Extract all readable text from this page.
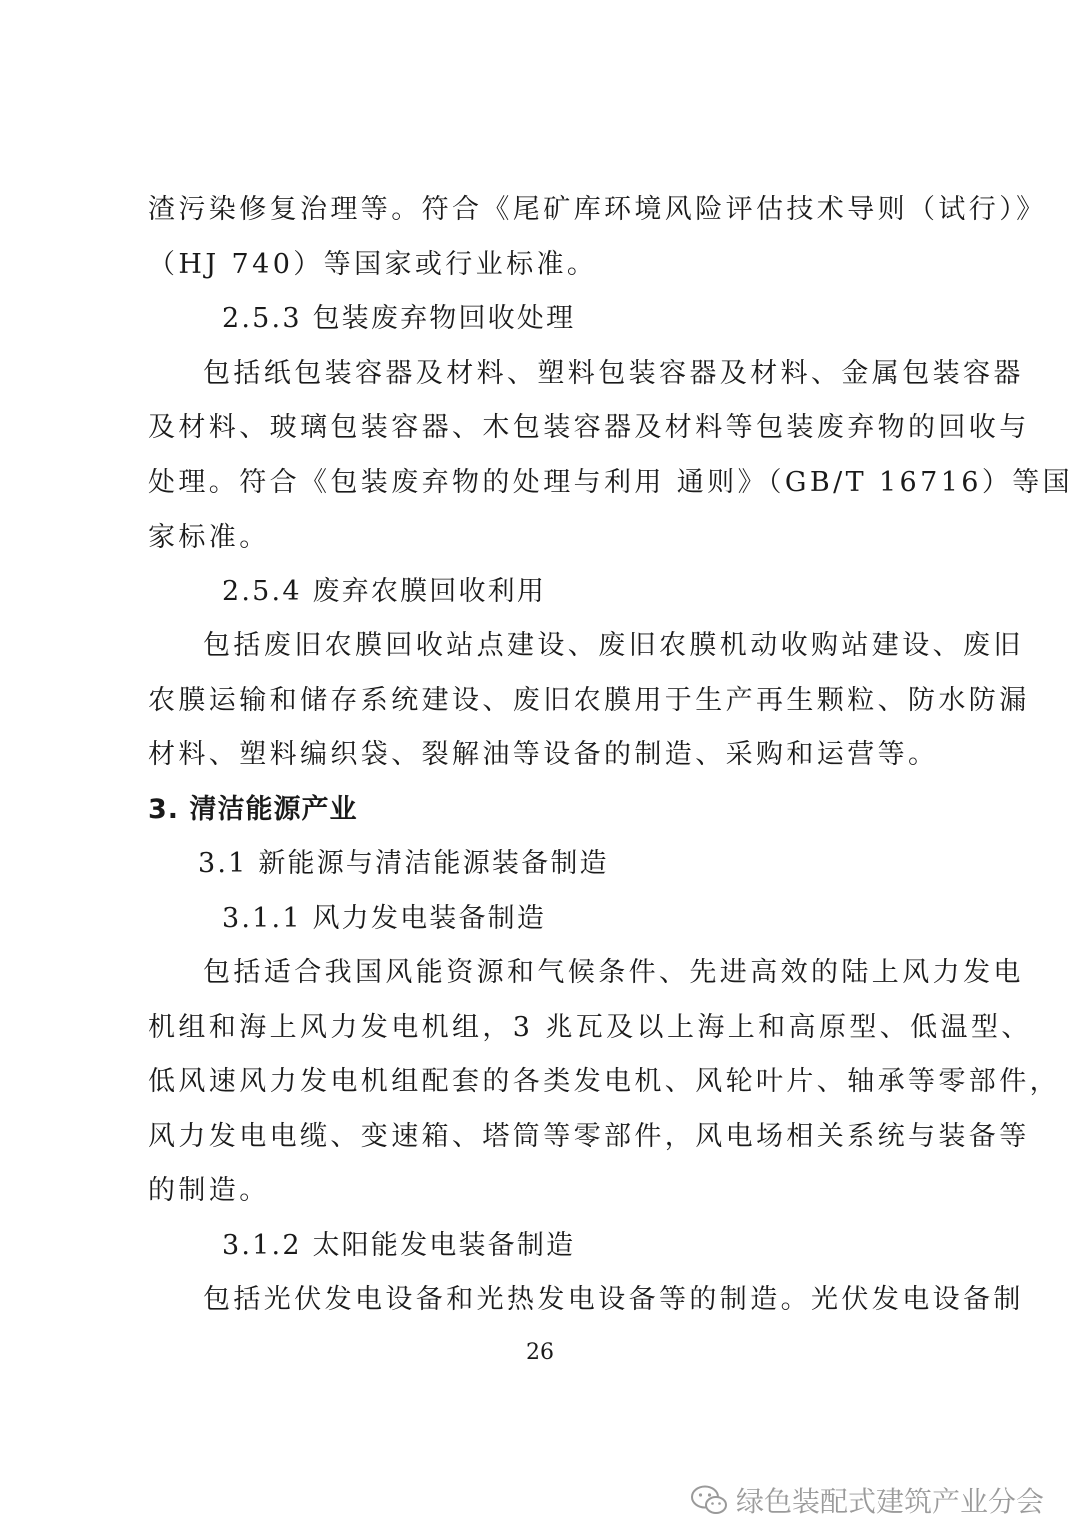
渣污染修复治理等。符合《尾矿库环境风险评估技术导则（试行）》
（HJ 740）等国家或行业标准。
2.5.3 包装废弃物回收处理
包括纸包装容器及材料、塑料包装容器及材料、金属包装容器
及材料、玻璃包装容器、木包装容器及材料等包装废弃物的回收与
处理。符合《包装废弃物的处理与利用 通则》（GB/T 16716）等国
家标准。
2.5.4 废弃农膜回收利用
包括废旧农膜回收站点建设、废旧农膜机动收购站建设、废旧
农膜运输和储存系统建设、废旧农膜用于生产再生颗粒、防水防漏
材料、塑料编织袋、裂解油等设备的制造、采购和运营等。
3. 清洁能源产业
3.1 新能源与清洁能源装备制造
3.1.1 风力发电装备制造
包括适合我国风能资源和气候条件、先进高效的陆上风力发电
机组和海上风力发电机组，3 兆瓦及以上海上和高原型、低温型、
低风速风力发电机组配套的各类发电机、风轮叶片、轴承等零部件，
风力发电电缆、变速箱、塔筒等零部件，风电场相关系统与装备等
的制造。
3.1.2 太阳能发电装备制造
包括光伏发电设备和光热发电设备等的制造。光伏发电设备制
26
绿色装配式建筑产业分会
